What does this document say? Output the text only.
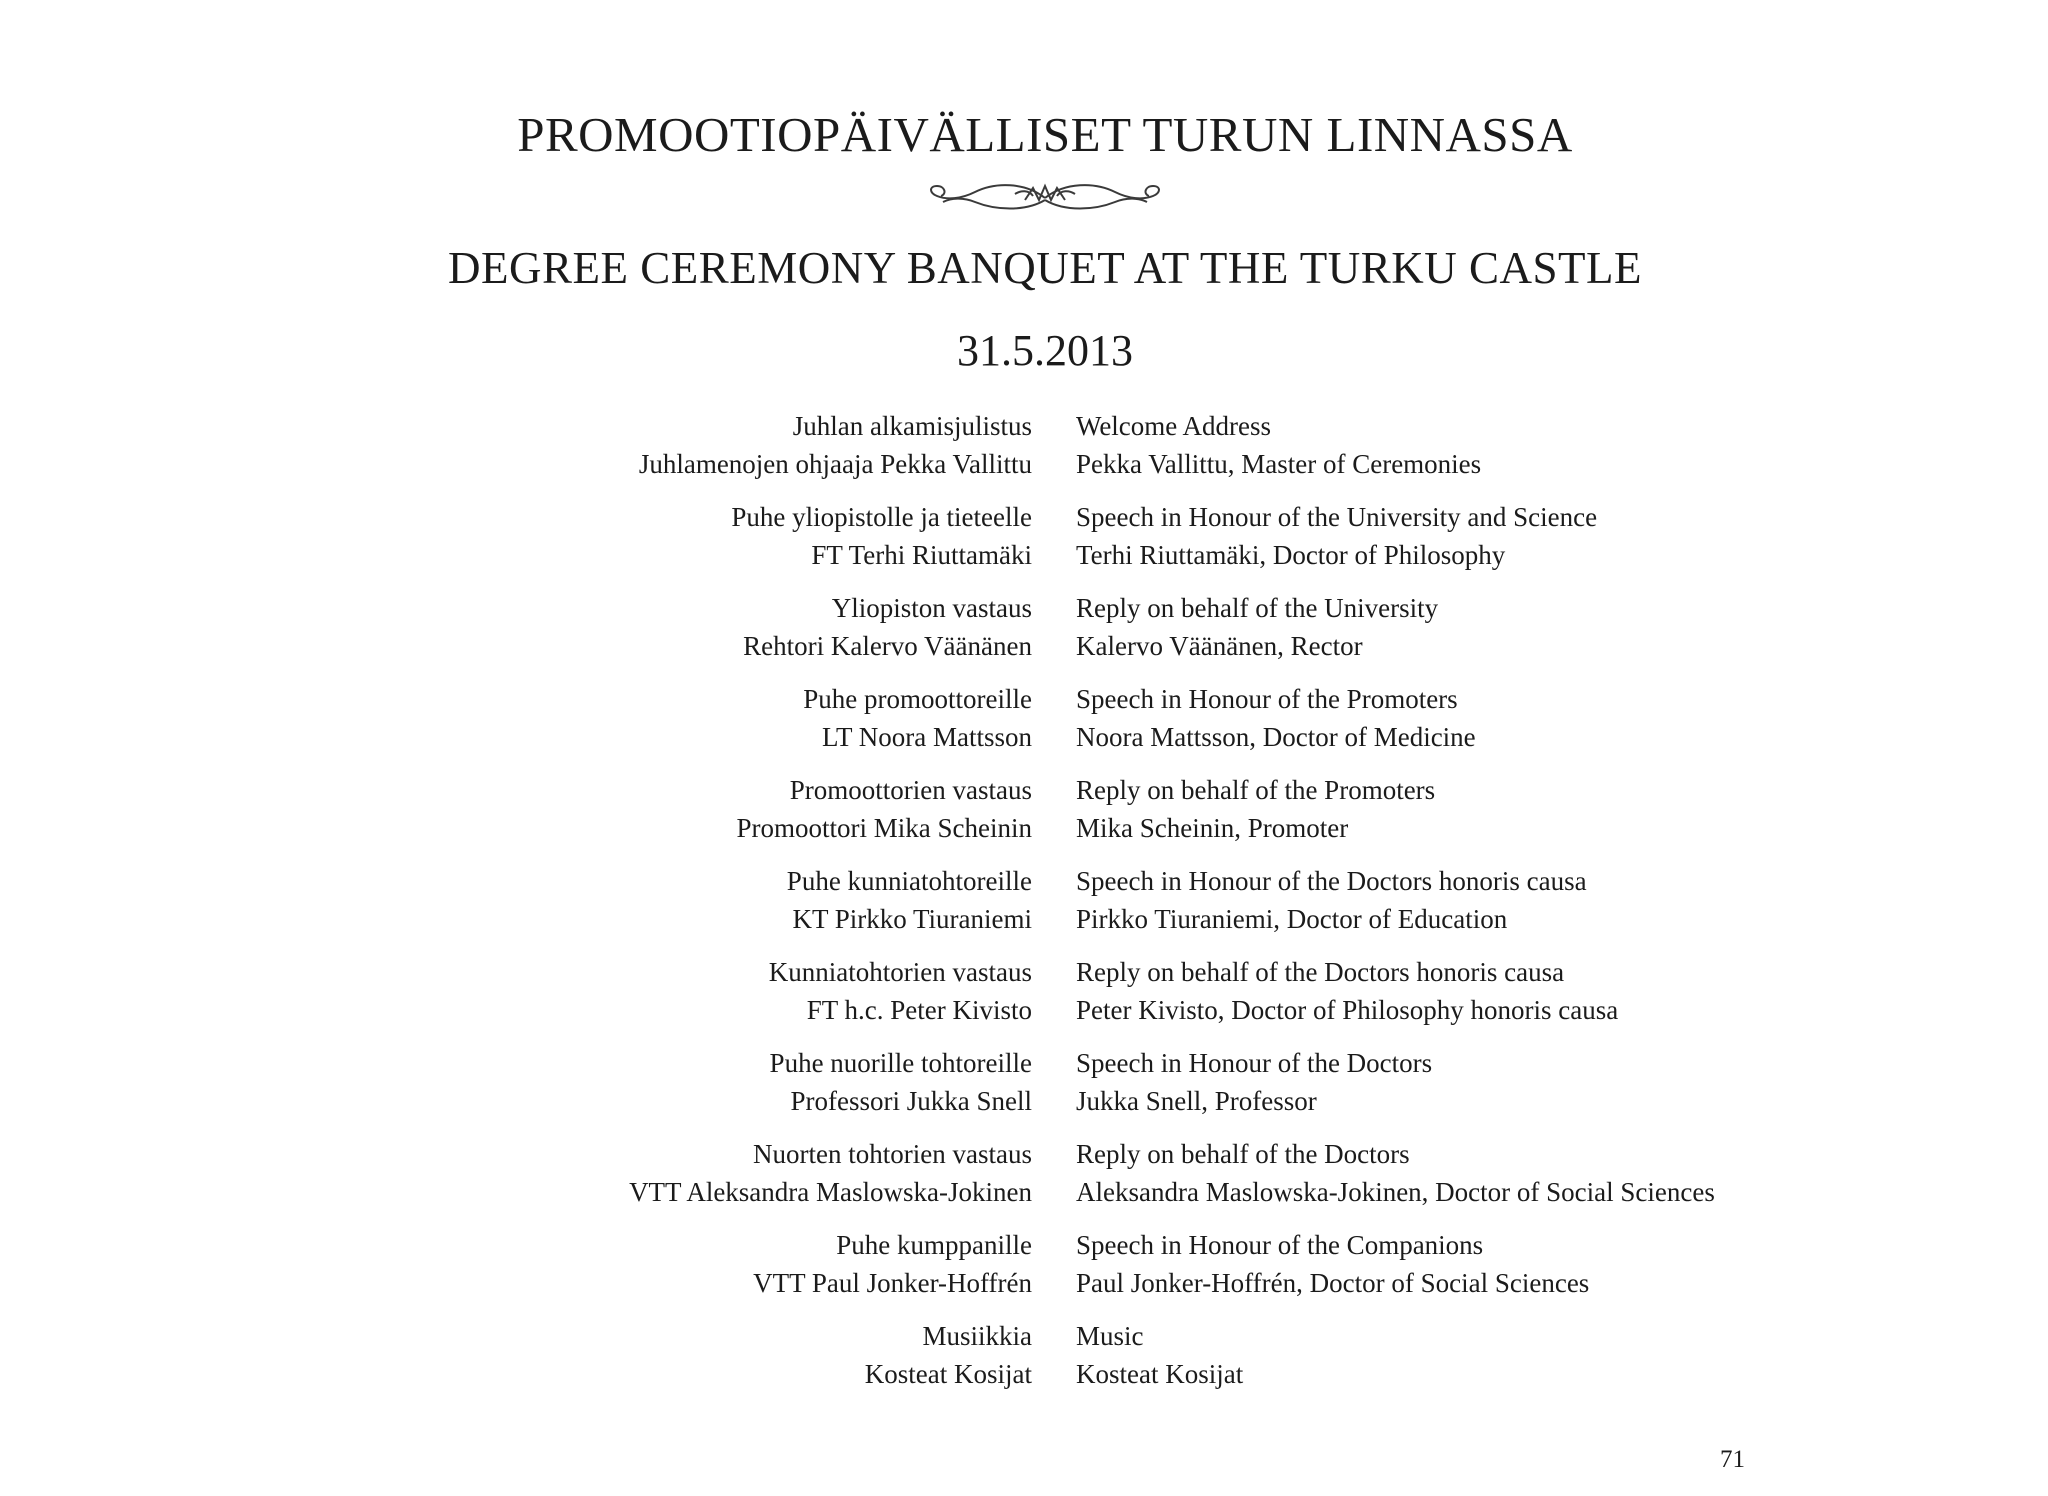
PROMOOTIOPÄIVÄLLISET TURUN LINNASSA
DEGREE CEREMONY BANQUET AT THE TURKU CASTLE
31.5.2013
Juhlan alkamisjulistus
Juhlamenojen ohjaaja Pekka Vallittu
Welcome Address
Pekka Vallittu, Master of Ceremonies
Puhe yliopistolle ja tieteelle
FT Terhi Riuttamäki
Speech in Honour of the University and Science
Terhi Riuttamäki, Doctor of Philosophy
Yliopiston vastaus
Rehtori Kalervo Väänänen
Reply on behalf of the University
Kalervo Väänänen, Rector
Puhe promoottoreille
LT Noora Mattsson
Speech in Honour of the Promoters
Noora Mattsson, Doctor of Medicine
Promoottorien vastaus
Promoottori Mika Scheinin
Reply on behalf of the Promoters
Mika Scheinin, Promoter
Puhe kunniatohtoreille
KT Pirkko Tiuraniemi
Speech in Honour of the Doctors honoris causa
Pirkko Tiuraniemi, Doctor of Education
Kunniatohtorien vastaus
FT h.c. Peter Kivisto
Reply on behalf of the Doctors honoris causa
Peter Kivisto, Doctor of Philosophy honoris causa
Puhe nuorille tohtoreille
Professori Jukka Snell
Speech in Honour of the Doctors
Jukka Snell, Professor
Nuorten tohtorien vastaus
VTT Aleksandra Maslowska-Jokinen
Reply on behalf of the Doctors
Aleksandra Maslowska-Jokinen, Doctor of Social Sciences
Puhe kumppanille
VTT Paul Jonker-Hoffrén
Speech in Honour of the Companions
Paul Jonker-Hoffrén, Doctor of Social Sciences
Musiikkia
Kosteat Kosijat
Music
Kosteat Kosijat
71
